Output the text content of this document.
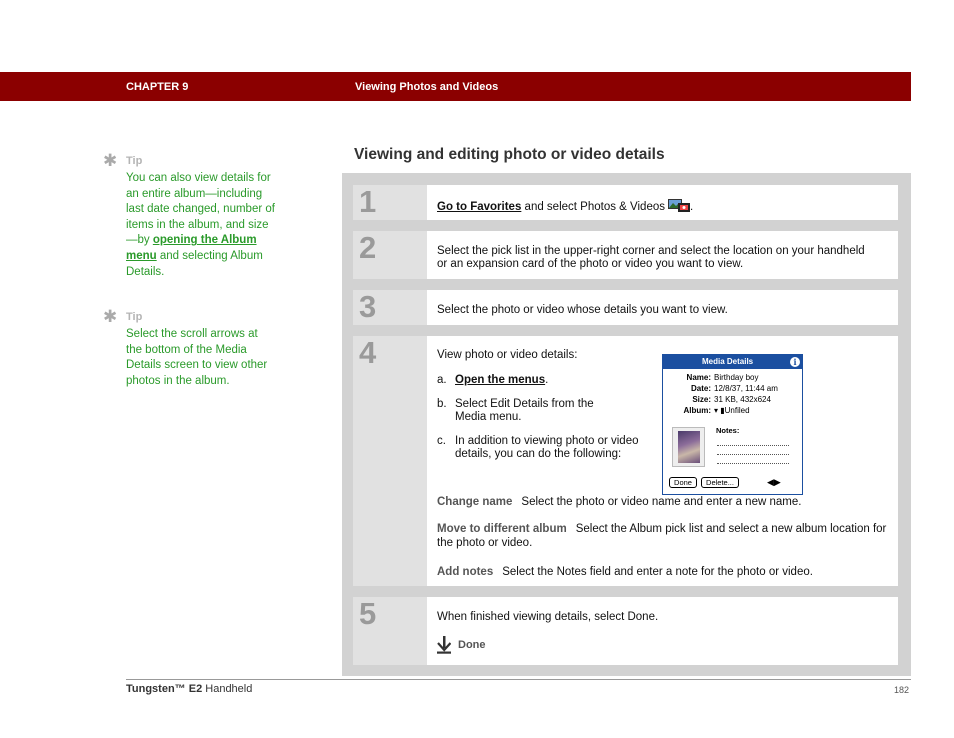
CHAPTER 9	Viewing Photos and Videos
✱ Tip
You can also view details for an entire album—including last date changed, number of items in the album, and size—by opening the Album menu and selecting Album Details.
✱ Tip
Select the scroll arrows at the bottom of the Media Details screen to view other photos in the album.
Viewing and editing photo or video details
1	Go to Favorites and select Photos & Videos .
2	Select the pick list in the upper-right corner and select the location on your handheld or an expansion card of the photo or video you want to view.
3	Select the photo or video whose details you want to view.
4	View photo or video details:
a. Open the menus.
b. Select Edit Details from the Media menu.
c. In addition to viewing photo or video details, you can do the following:
Change name Select the photo or video name and enter a new name.
Move to different album Select the Album pick list and select a new album location for the photo or video.
Add notes Select the Notes field and enter a note for the photo or video.
Media Details	i
Name: Birthday boy
Date: 12/8/37, 11:44 am
Size: 31 KB, 432x624
Album: ▾ ▮Unfiled
Notes:
Done	Delete...	◀▶
5	When finished viewing details, select Done.
Done
Tungsten™ E2 Handheld	182
